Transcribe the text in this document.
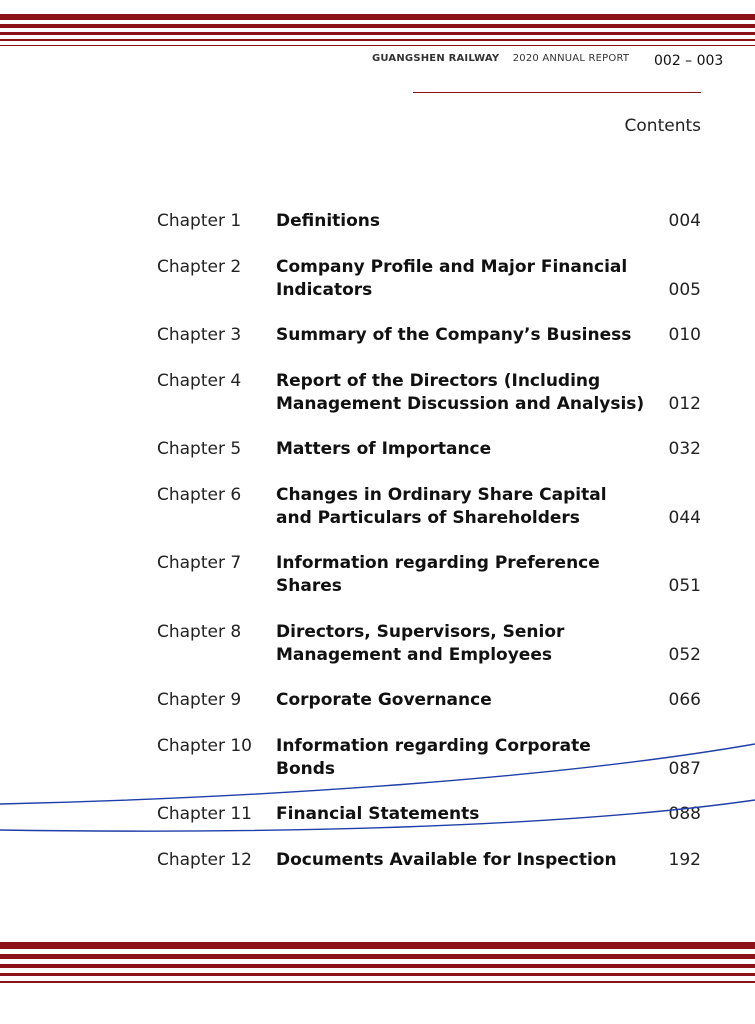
GUANGSHEN RAILWAY 2020 ANNUAL REPORT 002 – 003
Contents
Chapter 1	Definitions	004
Chapter 2	Company Profile and Major Financial
Indicators	005
Chapter 3	Summary of the Company’s Business	010
Chapter 4	Report of the Directors (Including
Management Discussion and Analysis)	012
Chapter 5	Matters of Importance	032
Chapter 6	Changes in Ordinary Share Capital
and Particulars of Shareholders	044
Chapter 7	Information regarding Preference
Shares	051
Chapter 8	Directors, Supervisors, Senior
Management and Employees	052
Chapter 9	Corporate Governance	066
Chapter 10	Information regarding Corporate
Bonds	087
Chapter 11	Financial Statements	088
Chapter 12	Documents Available for Inspection	192
